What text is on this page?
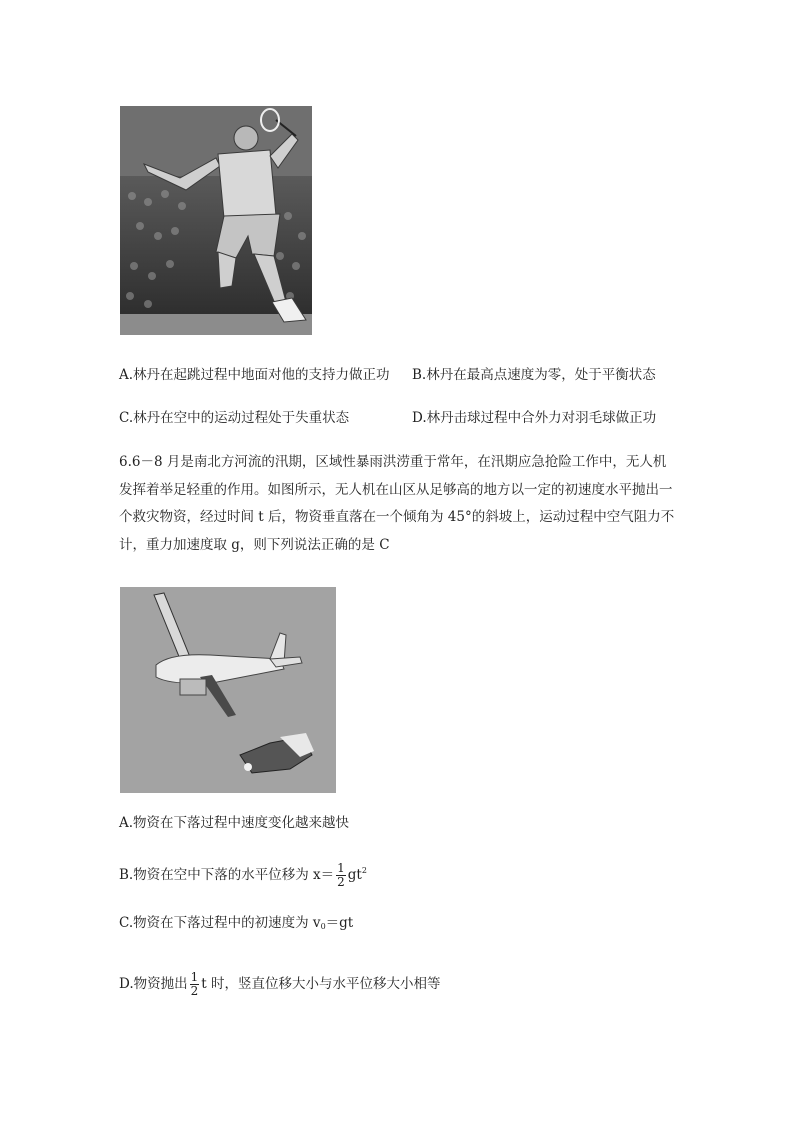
A.林丹在起跳过程中地面对他的支持力做正功 B.林丹在最高点速度为零，处于平衡状态
C.林丹在空中的运动过程处于失重状态	D.林丹击球过程中合外力对羽毛球做正功
6.6－8 月是南北方河流的汛期，区域性暴雨洪涝重于常年，在汛期应急抢险工作中，无人机发挥着举足轻重的作用。如图所示，无人机在山区从足够高的地方以一定的初速度水平抛出一个救灾物资，经过时间 t 后，物资垂直落在一个倾角为 45°的斜坡上，运动过程中空气阻力不计，重力加速度取 g，则下列说法正确的是 C
A.物资在下落过程中速度变化越来越快
B.物资在空中下落的水平位移为 $x= \frac{1}{2} gt^2$
C.物资在下落过程中的初速度为 $v_0=gt$
D.物资抛出 $\frac{1}{2}$ t 时，竖直位移大小与水平位移大小相等
